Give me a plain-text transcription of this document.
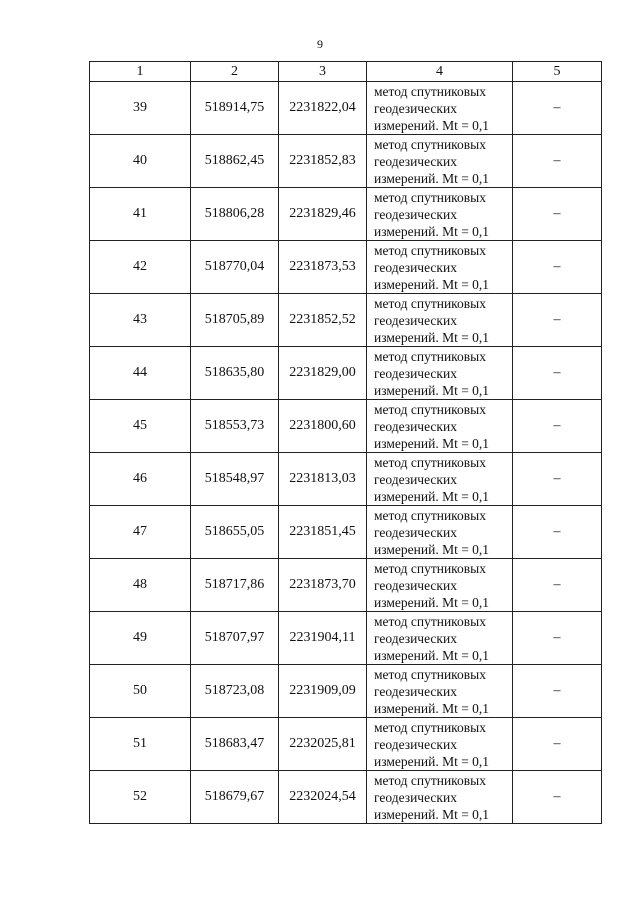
9
1	2	3	4	5
39	518914,75	2231822,04	метод спутниковых
геодезических
измерений. Mt = 0,1	–
40	518862,45	2231852,83	метод спутниковых
геодезических
измерений. Mt = 0,1	–
41	518806,28	2231829,46	метод спутниковых
геодезических
измерений. Mt = 0,1	–
42	518770,04	2231873,53	метод спутниковых
геодезических
измерений. Mt = 0,1	–
43	518705,89	2231852,52	метод спутниковых
геодезических
измерений. Mt = 0,1	–
44	518635,80	2231829,00	метод спутниковых
геодезических
измерений. Mt = 0,1	–
45	518553,73	2231800,60	метод спутниковых
геодезических
измерений. Mt = 0,1	–
46	518548,97	2231813,03	метод спутниковых
геодезических
измерений. Mt = 0,1	–
47	518655,05	2231851,45	метод спутниковых
геодезических
измерений. Mt = 0,1	–
48	518717,86	2231873,70	метод спутниковых
геодезических
измерений. Mt = 0,1	–
49	518707,97	2231904,11	метод спутниковых
геодезических
измерений. Mt = 0,1	–
50	518723,08	2231909,09	метод спутниковых
геодезических
измерений. Mt = 0,1	–
51	518683,47	2232025,81	метод спутниковых
геодезических
измерений. Mt = 0,1	–
52	518679,67	2232024,54	метод спутниковых
геодезических
измерений. Mt = 0,1	–
